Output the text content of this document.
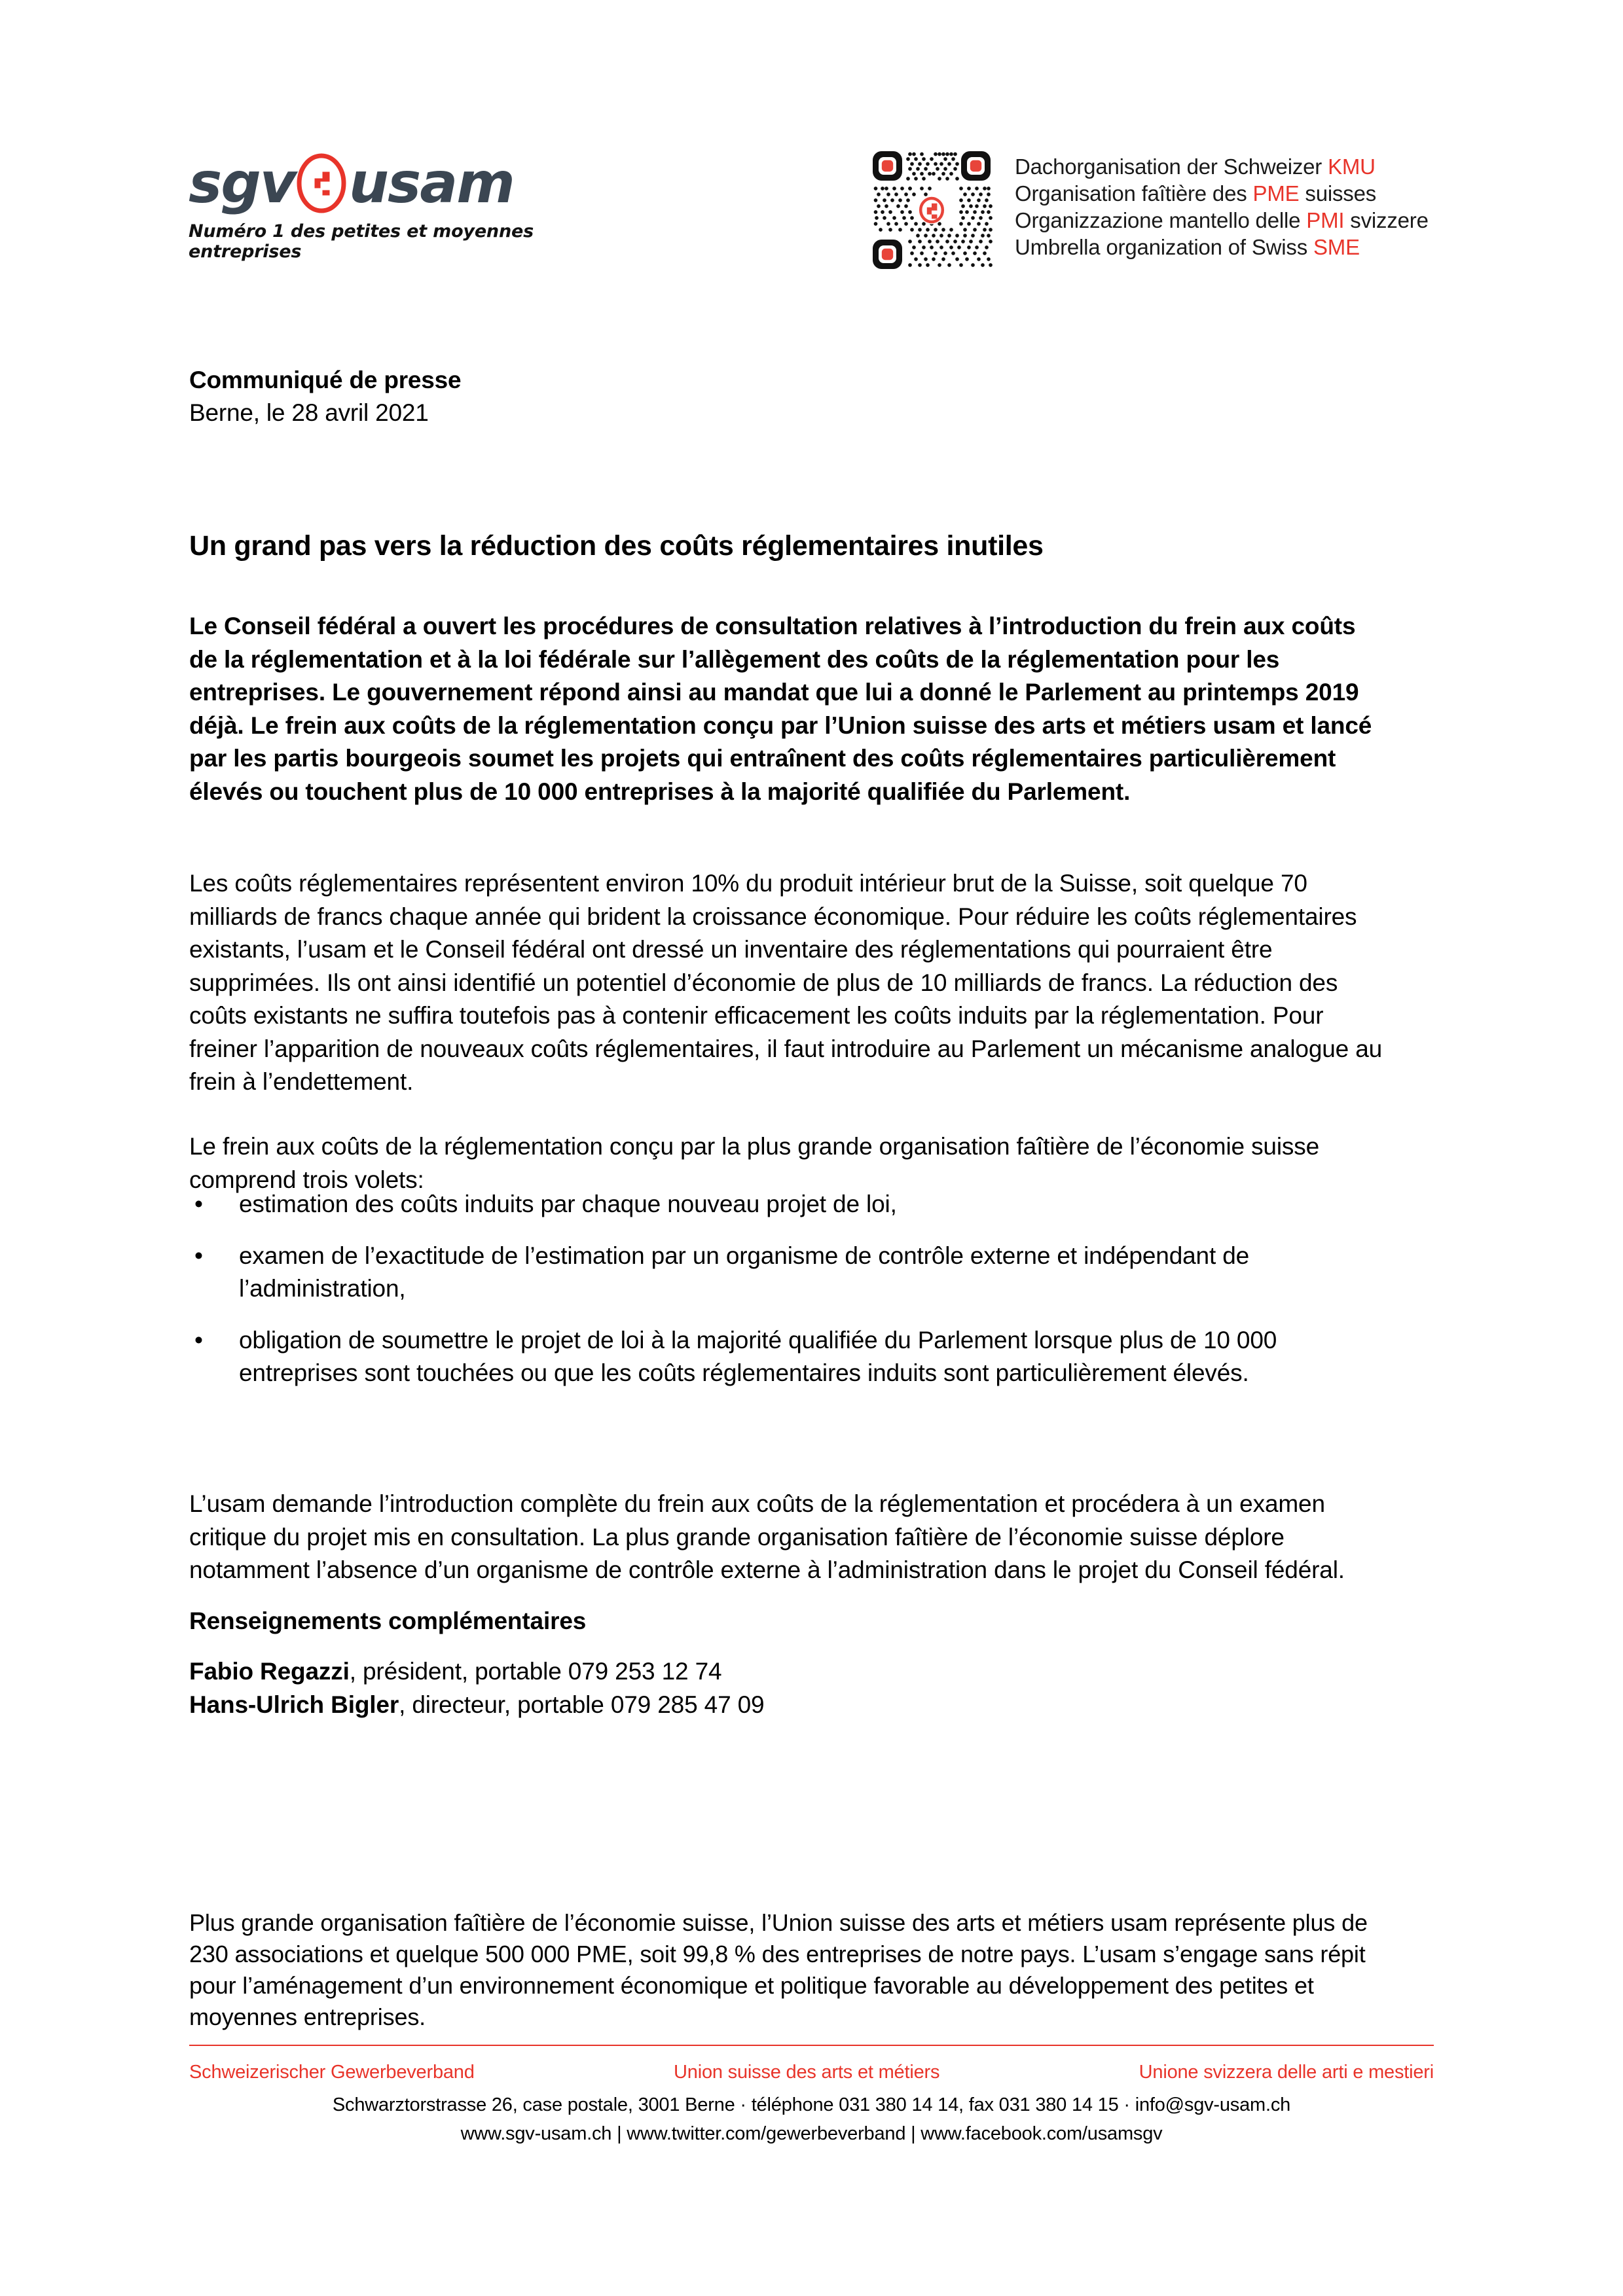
sgv usam
Numéro 1 des petites et moyennes entreprises
Dachorganisation der Schweizer KMU
Organisation faîtière des PME suisses
Organizzazione mantello delle PMI svizzere
Umbrella organization of Swiss SME
Communiqué de presse
Berne, le 28 avril 2021
Un grand pas vers la réduction des coûts réglementaires inutiles

Le Conseil fédéral a ouvert les procédures de consultation relatives à l’introduction du frein aux coûts de la réglementation et à la loi fédérale sur l’allègement des coûts de la réglementation pour les entreprises. Le gouvernement répond ainsi au mandat que lui a donné le Parlement au printemps 2019 déjà. Le frein aux coûts de la réglementation conçu par l’Union suisse des arts et métiers usam et lancé par les partis bourgeois soumet les projets qui entraînent des coûts réglementaires particulièrement élevés ou touchent plus de 10 000 entreprises à la majorité qualifiée du Parlement.

Les coûts réglementaires représentent environ 10% du produit intérieur brut de la Suisse, soit quelque 70 milliards de francs chaque année qui brident la croissance économique. Pour réduire les coûts réglementaires existants, l’usam et le Conseil fédéral ont dressé un inventaire des réglementations qui pourraient être supprimées. Ils ont ainsi identifié un potentiel d’économie de plus de 10 milliards de francs. La réduction des coûts existants ne suffira toutefois pas à contenir efficacement les coûts induits par la réglementation. Pour freiner l’apparition de nouveaux coûts réglementaires, il faut introduire au Parlement un mécanisme analogue au frein à l’endettement.

Le frein aux coûts de la réglementation conçu par la plus grande organisation faîtière de l’économie suisse comprend trois volets:

•	estimation des coûts induits par chaque nouveau projet de loi,
•	examen de l’exactitude de l’estimation par un organisme de contrôle externe et indépendant de l’administration,
•	obligation de soumettre le projet de loi à la majorité qualifiée du Parlement lorsque plus de 10 000 entreprises sont touchées ou que les coûts réglementaires induits sont particulièrement élevés.

L’usam demande l’introduction complète du frein aux coûts de la réglementation et procédera à un examen critique du projet mis en consultation. La plus grande organisation faîtière de l’économie suisse déplore notamment l’absence d’un organisme de contrôle externe à l’administration dans le projet du Conseil fédéral.

Renseignements complémentaires
Fabio Regazzi, président, portable 079 253 12 74
Hans-Ulrich Bigler, directeur, portable 079 285 47 09

Plus grande organisation faîtière de l’économie suisse, l’Union suisse des arts et métiers usam représente plus de 230 associations et quelque 500 000 PME, soit 99,8 % des entreprises de notre pays. L’usam s’engage sans répit pour l’aménagement d’un environnement économique et politique favorable au développement des petites et moyennes entreprises.

Schweizerischer Gewerbeverband	Union suisse des arts et métiers	Unione svizzera delle arti e mestieri
Schwarztorstrasse 26, case postale, 3001 Berne · téléphone 031 380 14 14, fax 031 380 14 15 · info@sgv-usam.ch
www.sgv-usam.ch | www.twitter.com/gewerbeverband | www.facebook.com/usamsgv
